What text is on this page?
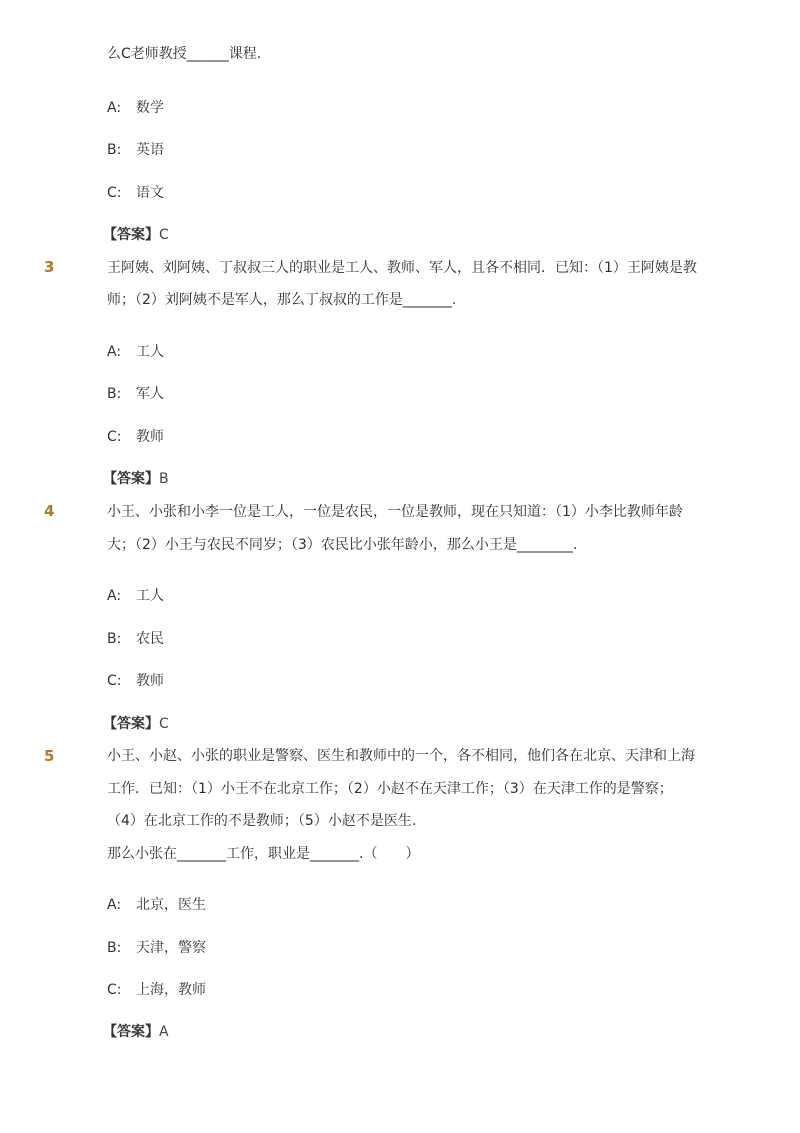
么C老师教授______课程.
A: 数学
B: 英语
C: 语文
【答案】C
3	王阿姨、刘阿姨、丁叔叔三人的职业是工人、教师、军人，且各不相同．已知：（1）王阿姨是教
师；（2）刘阿姨不是军人，那么丁叔叔的工作是_______.
A: 工人
B: 军人
C: 教师
【答案】B
4	小王、小张和小李一位是工人，一位是农民，一位是教师，现在只知道：（1）小李比教师年龄
大；（2）小王与农民不同岁；（3）农民比小张年龄小，那么小王是________.
A: 工人
B: 农民
C: 教师
【答案】C
5	小王、小赵、小张的职业是警察、医生和教师中的一个，各不相同，他们各在北京、天津和上海
工作．已知：（1）小王不在北京工作；（2）小赵不在天津工作；（3）在天津工作的是警察；
（4）在北京工作的不是教师；（5）小赵不是医生.
那么小张在_______工作，职业是_______.（　　）
A: 北京，医生
B: 天津，警察
C: 上海，教师
【答案】A
